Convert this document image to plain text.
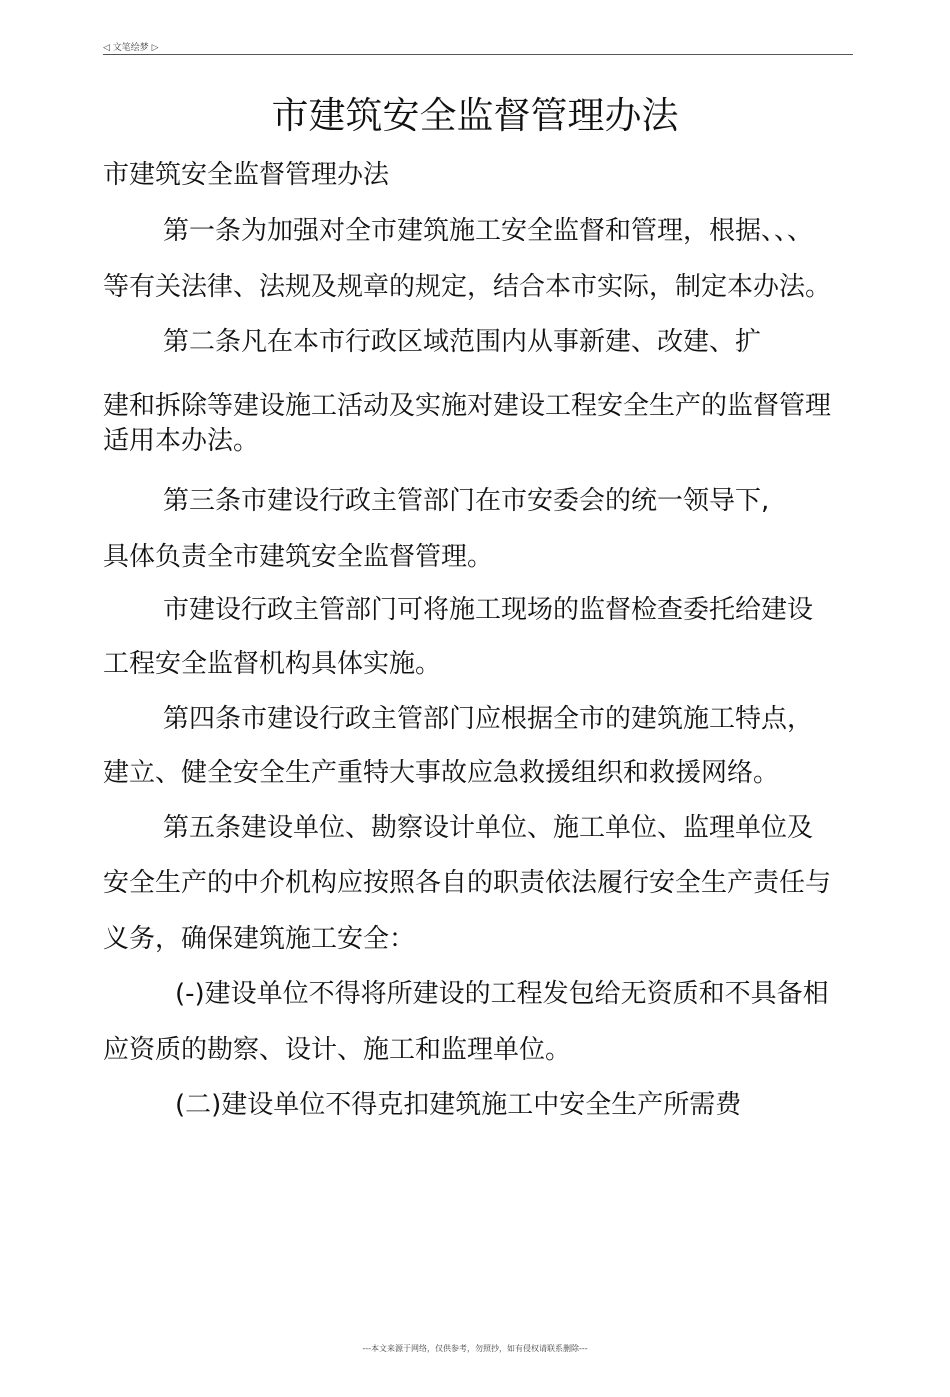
◁ 文笔绘梦 ▷
市建筑安全监督管理办法
市建筑安全监督管理办法
第一条为加强对全市建筑施工安全监督和管理，根据、、、
等有关法律、法规及规章的规定，结合本市实际，制定本办法。
第二条凡在本市行政区域范围内从事新建、改建、扩
建和拆除等建设施工活动及实施对建设工程安全生产的监督管理
适用本办法。
第三条市建设行政主管部门在市安委会的统一领导下,
具体负责全市建筑安全监督管理。
市建设行政主管部门可将施工现场的监督检查委托给建设
工程安全监督机构具体实施。
第四条市建设行政主管部门应根据全市的建筑施工特点，
建立、健全安全生产重特大事故应急救援组织和救援网络。
第五条建设单位、勘察设计单位、施工单位、监理单位及
安全生产的中介机构应按照各自的职责依法履行安全生产责任与
义务，确保建筑施工安全：
(-)建设单位不得将所建设的工程发包给无资质和不具备相
应资质的勘察、设计、施工和监理单位。
(二)建设单位不得克扣建筑施工中安全生产所需费
---本文来源于网络，仅供参考，勿照抄，如有侵权请联系删除---
